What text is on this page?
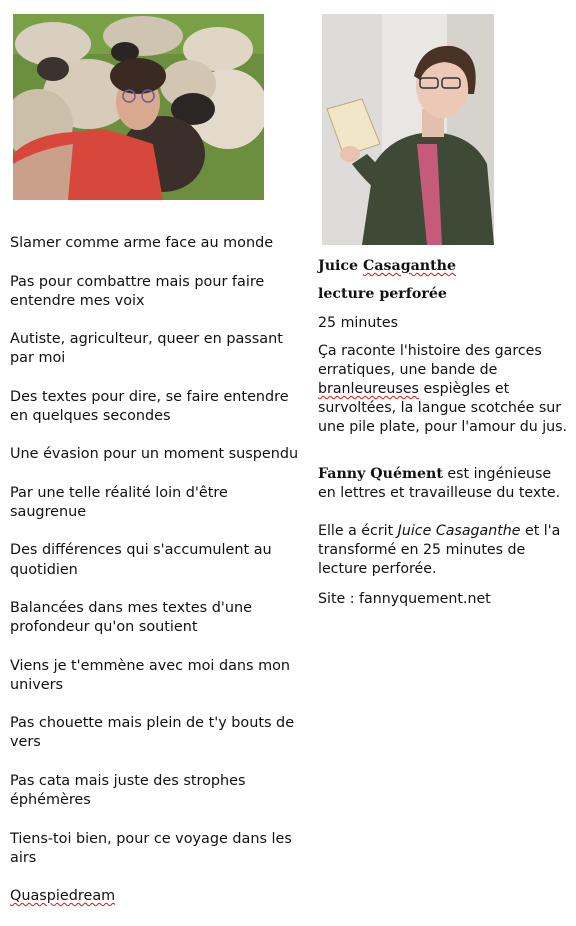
Slamer comme arme face au monde

Pas pour combattre mais pour faire entendre mes voix

Autiste, agriculteur, queer en passant par moi

Des textes pour dire, se faire entendre en quelques secondes

Une évasion pour un moment suspendu

Par une telle réalité loin d'être saugrenue

Des différences qui s'accumulent au quotidien

Balancées dans mes textes d'une profondeur qu'on soutient

Viens je t'emmène avec moi dans mon univers

Pas chouette mais plein de t'y bouts de vers

Pas cata mais juste des strophes éphémères

Tiens-toi bien, pour ce voyage dans les airs

Quaspiedream

Juice Casaganthe
lecture perforée
25 minutes
Ça raconte l'histoire des garces erratiques, une bande de branleureuses espiègles et survoltées, la langue scotchée sur une pile plate, pour l'amour du jus.
Fanny Quément est ingénieuse en lettres et travailleuse du texte.
Elle a écrit Juice Casaganthe et l'a transformé en 25 minutes de lecture perforée.
Site : fannyquement.net
